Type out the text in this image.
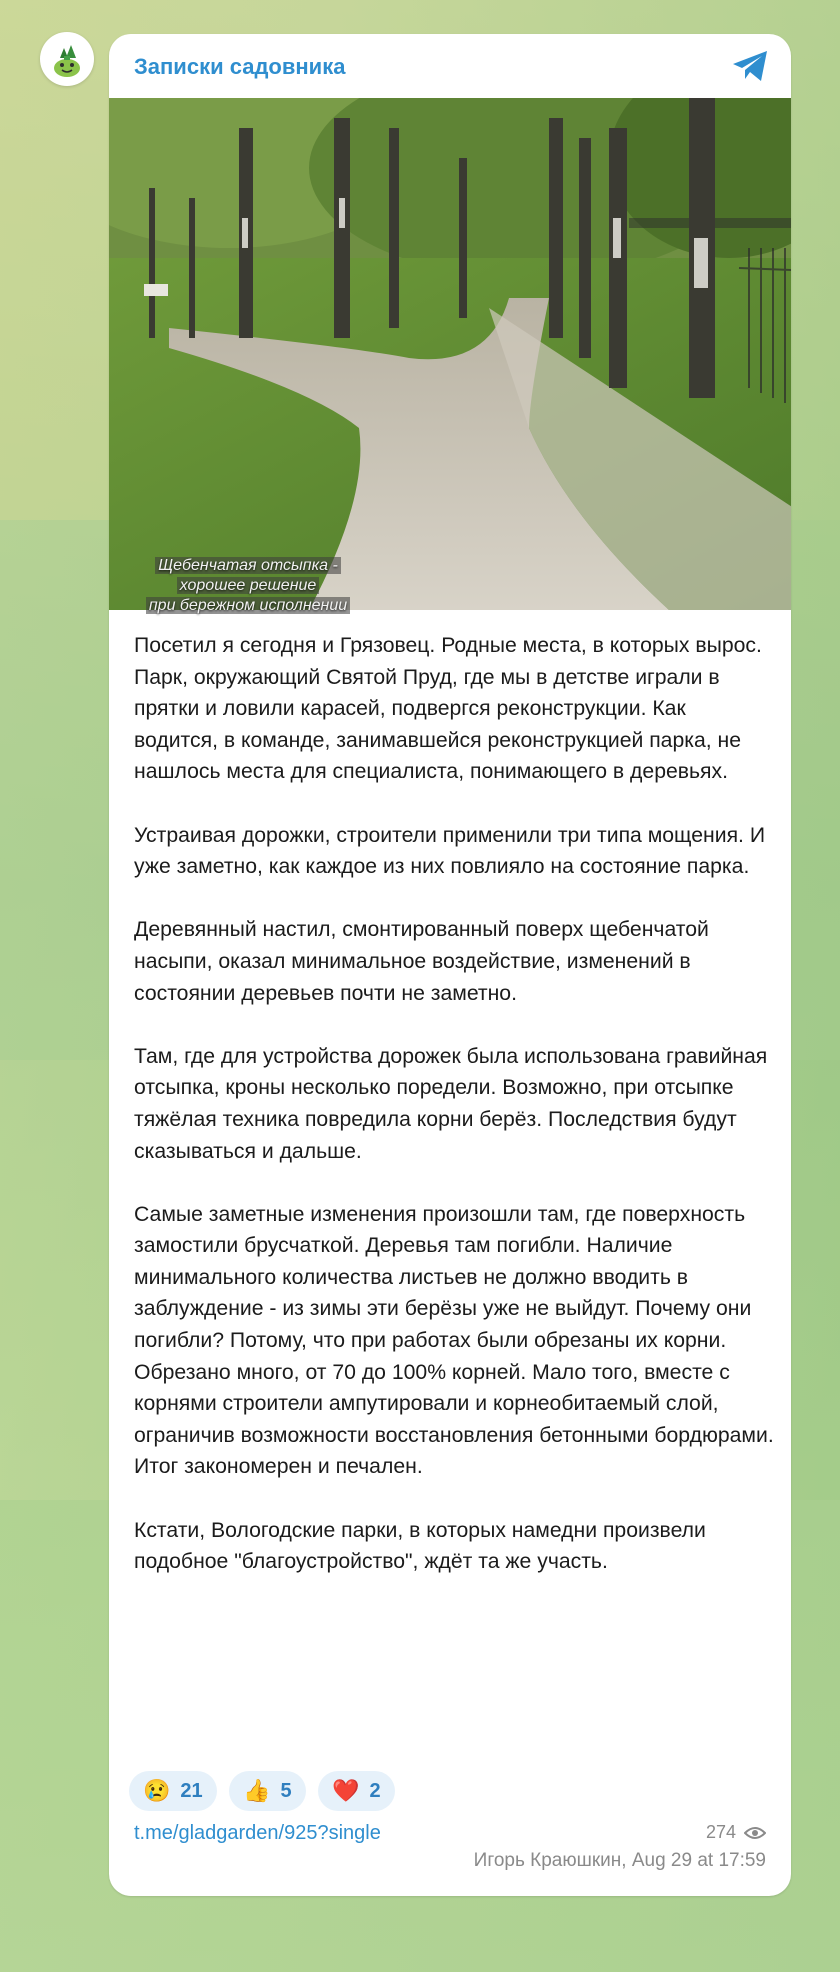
Записки садовника
Щебенчатая отсыпка -
хорошее решение
при бережном исполнении

Посетил я сегодня и Грязовец. Родные места, в которых вырос. Парк, окружающий Святой Пруд, где мы в детстве играли в прятки и ловили карасей, подвергся реконструкции. Как водится, в команде, занимавшейся реконструкцией парка, не нашлось места для специалиста, понимающего в деревьях.

Устраивая дорожки, строители применили три типа мощения. И уже заметно, как каждое из них повлияло на состояние парка.

Деревянный настил, смонтированный поверх щебенчатой насыпи, оказал минимальное воздействие, изменений в состоянии деревьев почти не заметно.

Там, где для устройства дорожек была использована гравийная отсыпка, кроны несколько поредели. Возможно, при отсыпке тяжёлая техника повредила корни берёз. Последствия будут сказываться и дальше.

Самые заметные изменения произошли там, где поверхность замостили брусчаткой. Деревья там погибли. Наличие минимального количества листьев не должно вводить в заблуждение - из зимы эти берёзы уже не выйдут. Почему они погибли? Потому, что при работах были обрезаны их корни. Обрезано много, от 70 до 100% корней. Мало того, вместе с корнями строители ампутировали и корнеобитаемый слой, ограничив возможности восстановления бетонными бордюрами. Итог закономерен и печален.

Кстати, Вологодские парки, в которых намедни произвели подобное "благоустройство", ждёт та же участь.

😢 21
👍 5
❤️ 2
t.me/gladgarden/925?single	274
Игорь Краюшкин, Aug 29 at 17:59
